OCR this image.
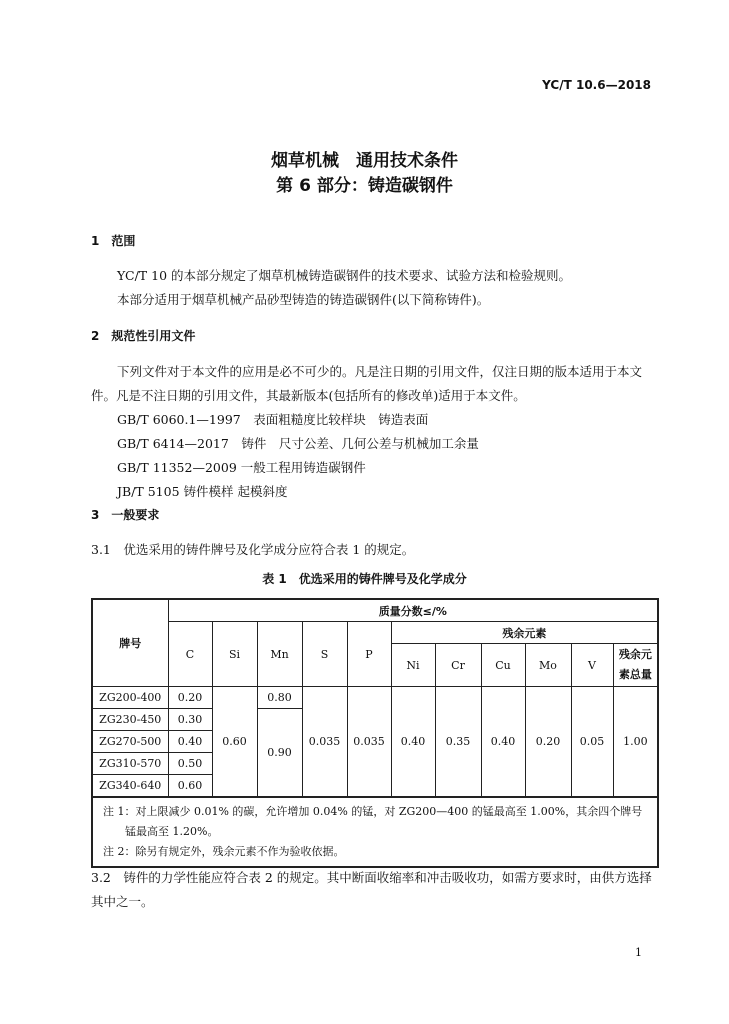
YC/T 10.6—2018
烟草机械　通用技术条件
第 6 部分：铸造碳钢件
1　范围

YC/T 10 的本部分规定了烟草机械铸造碳钢件的技术要求、试验方法和检验规则。

本部分适用于烟草机械产品砂型铸造的铸造碳钢件(以下简称铸件)。

2　规范性引用文件

下列文件对于本文件的应用是必不可少的。凡是注日期的引用文件，仅注日期的版本适用于本文

件。凡是不注日期的引用文件，其最新版本(包括所有的修改单)适用于本文件。

GB/T 6060.1—1997　表面粗糙度比较样块　铸造表面

GB/T 6414—2017　铸件　尺寸公差、几何公差与机械加工余量

GB/T 11352—2009 一般工程用铸造碳钢件

JB/T 5105 铸件模样 起模斜度

3　一般要求

3.1　优选采用的铸件牌号及化学成分应符合表 1 的规定。

表 1　优选采用的铸件牌号及化学成分
牌号	质量分数≤/%										
	C	Si	Mn	S	P	残余元素					
						Ni	Cr	Cu	Mo	V	残余元素总量
ZG200-400	0.20	0.60	0.80	0.035	0.035	0.40	0.35	0.40	0.20	0.05	1.00
ZG230-450	0.30		0.90								
ZG270-500	0.40										
ZG310-570	0.50										
ZG340-640	0.60										

注 1：对上限减少 0.01% 的碳，允许增加 0.04% 的锰，对 ZG200—400 的锰最高至 1.00%，其余四个牌号锰最高至 1.20%。
注 2：除另有规定外，残余元素不作为验收依据。											

3.2　铸件的力学性能应符合表 2 的规定。其中断面收缩率和冲击吸收功，如需方要求时，由供方选择

其中之一。

1
